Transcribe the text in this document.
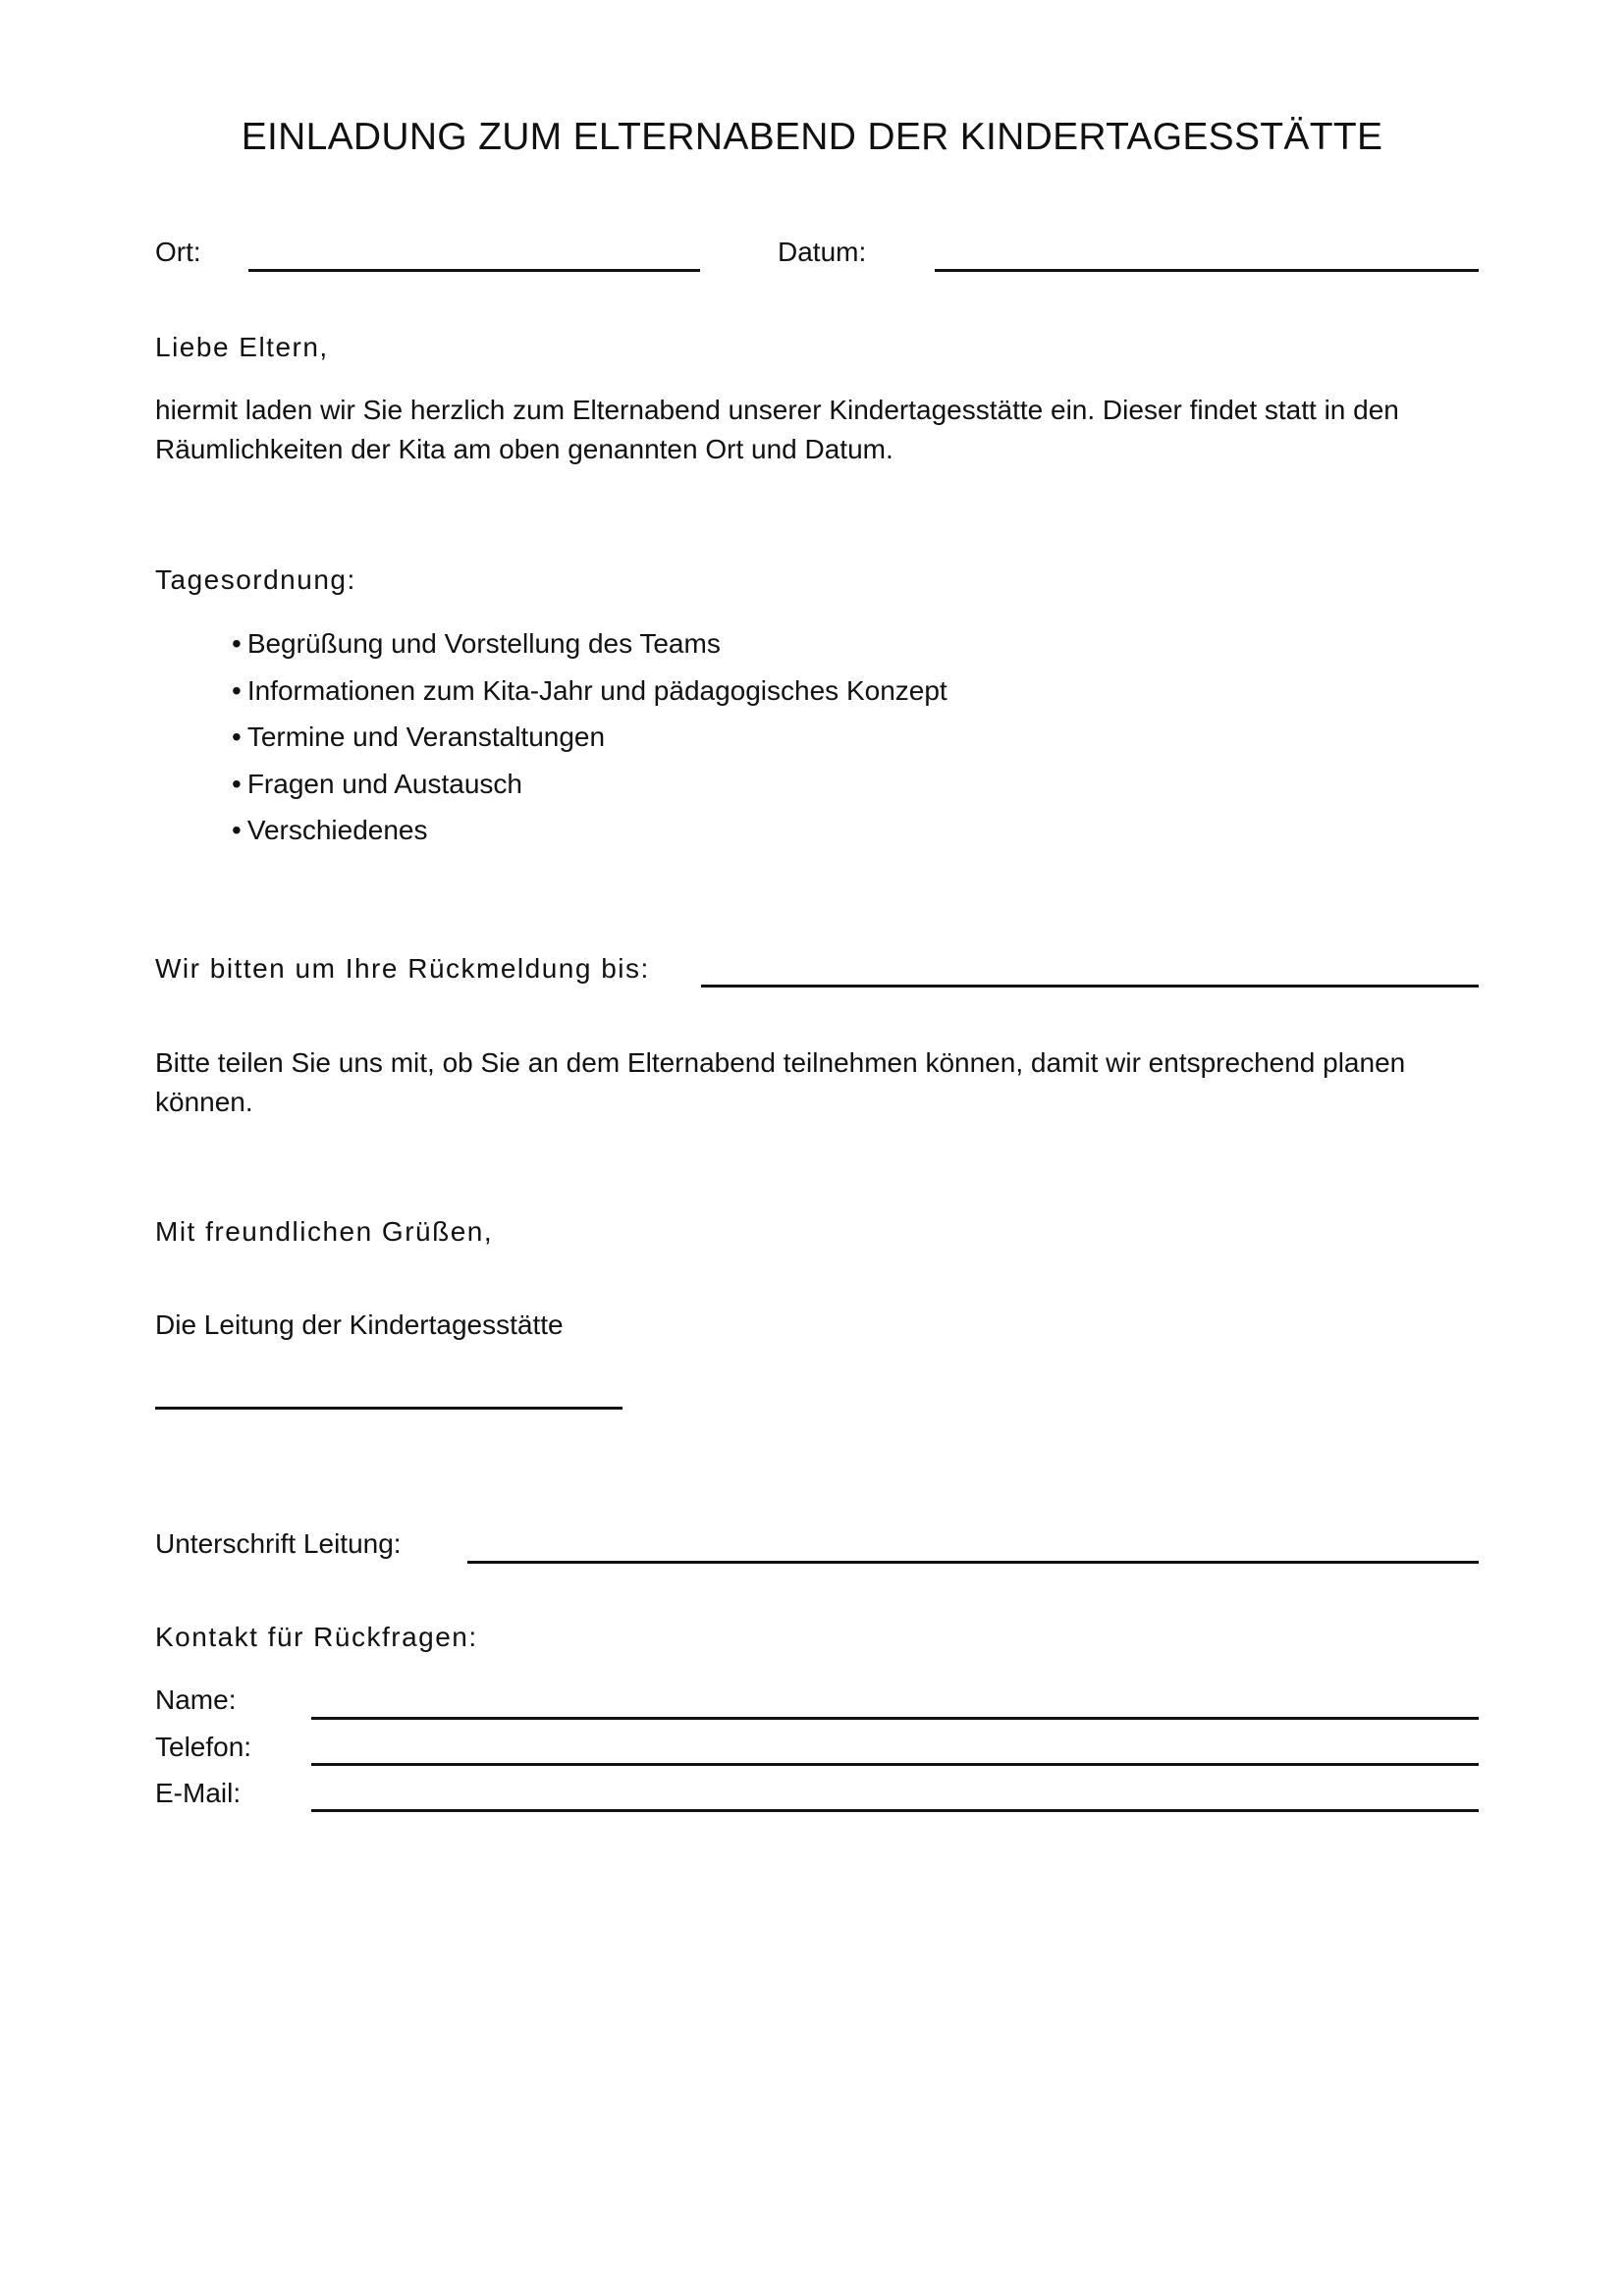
EINLADUNG ZUM ELTERNABEND DER KINDERTAGESSTÄTTE
Ort:	Datum:
Liebe Eltern,
hiermit laden wir Sie herzlich zum Elternabend unserer Kindertagesstätte ein. Dieser findet statt in den Räumlichkeiten der Kita am oben genannten Ort und Datum.
Tagesordnung:
• Begrüßung und Vorstellung des Teams
• Informationen zum Kita-Jahr und pädagogisches Konzept
• Termine und Veranstaltungen
• Fragen und Austausch
• Verschiedenes
Wir bitten um Ihre Rückmeldung bis:
Bitte teilen Sie uns mit, ob Sie an dem Elternabend teilnehmen können, damit wir entsprechend planen können.
Mit freundlichen Grüßen,
Die Leitung der Kindertagesstätte
Unterschrift Leitung:
Kontakt für Rückfragen:
Name:
Telefon:
E-Mail:
